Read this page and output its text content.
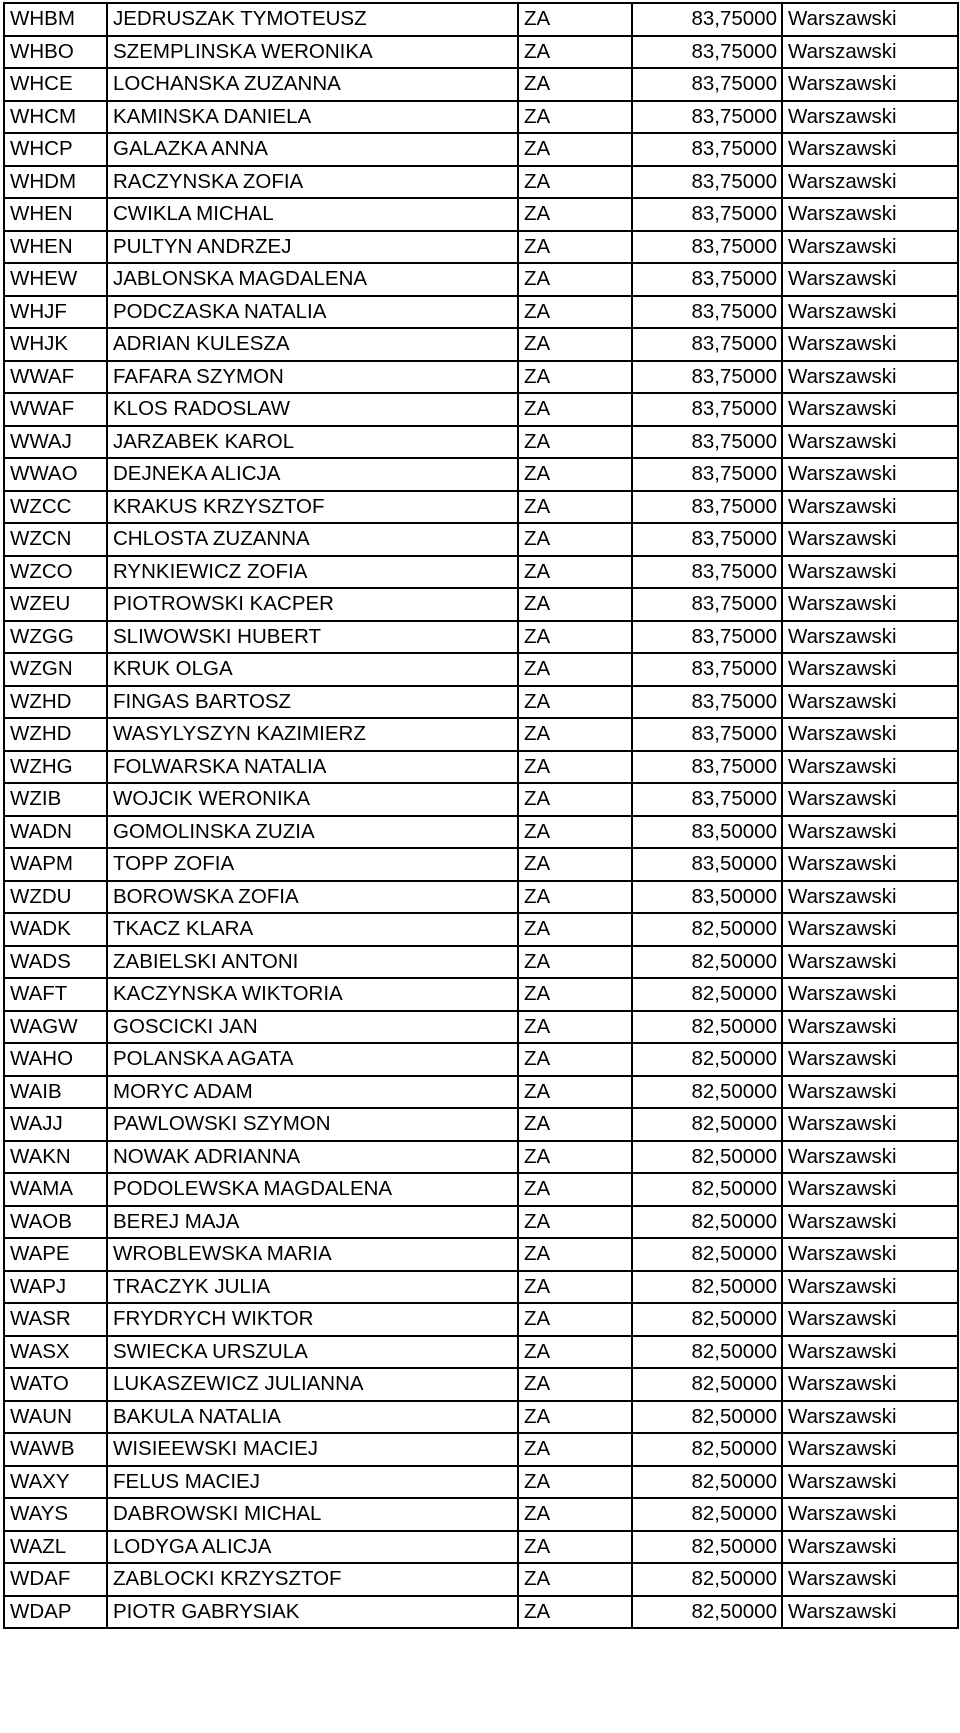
WHBM	JEDRUSZAK TYMOTEUSZ	ZA	83,75000	Warszawski
WHBO	SZEMPLINSKA WERONIKA	ZA	83,75000	Warszawski
WHCE	LOCHANSKA ZUZANNA	ZA	83,75000	Warszawski
WHCM	KAMINSKA DANIELA	ZA	83,75000	Warszawski
WHCP	GALAZKA ANNA	ZA	83,75000	Warszawski
WHDM	RACZYNSKA ZOFIA	ZA	83,75000	Warszawski
WHEN	CWIKLA MICHAL	ZA	83,75000	Warszawski
WHEN	PULTYN ANDRZEJ	ZA	83,75000	Warszawski
WHEW	JABLONSKA MAGDALENA	ZA	83,75000	Warszawski
WHJF	PODCZASKA NATALIA	ZA	83,75000	Warszawski
WHJK	ADRIAN KULESZA	ZA	83,75000	Warszawski
WWAF	FAFARA SZYMON	ZA	83,75000	Warszawski
WWAF	KLOS RADOSLAW	ZA	83,75000	Warszawski
WWAJ	JARZABEK KAROL	ZA	83,75000	Warszawski
WWAO	DEJNEKA ALICJA	ZA	83,75000	Warszawski
WZCC	KRAKUS KRZYSZTOF	ZA	83,75000	Warszawski
WZCN	CHLOSTA ZUZANNA	ZA	83,75000	Warszawski
WZCO	RYNKIEWICZ ZOFIA	ZA	83,75000	Warszawski
WZEU	PIOTROWSKI KACPER	ZA	83,75000	Warszawski
WZGG	SLIWOWSKI HUBERT	ZA	83,75000	Warszawski
WZGN	KRUK OLGA	ZA	83,75000	Warszawski
WZHD	FINGAS BARTOSZ	ZA	83,75000	Warszawski
WZHD	WASYLYSZYN KAZIMIERZ	ZA	83,75000	Warszawski
WZHG	FOLWARSKA NATALIA	ZA	83,75000	Warszawski
WZIB	WOJCIK WERONIKA	ZA	83,75000	Warszawski
WADN	GOMOLINSKA ZUZIA	ZA	83,50000	Warszawski
WAPM	TOPP ZOFIA	ZA	83,50000	Warszawski
WZDU	BOROWSKA ZOFIA	ZA	83,50000	Warszawski
WADK	TKACZ KLARA	ZA	82,50000	Warszawski
WADS	ZABIELSKI ANTONI	ZA	82,50000	Warszawski
WAFT	KACZYNSKA WIKTORIA	ZA	82,50000	Warszawski
WAGW	GOSCICKI JAN	ZA	82,50000	Warszawski
WAHO	POLANSKA AGATA	ZA	82,50000	Warszawski
WAIB	MORYC ADAM	ZA	82,50000	Warszawski
WAJJ	PAWLOWSKI SZYMON	ZA	82,50000	Warszawski
WAKN	NOWAK ADRIANNA	ZA	82,50000	Warszawski
WAMA	PODOLEWSKA MAGDALENA	ZA	82,50000	Warszawski
WAOB	BEREJ MAJA	ZA	82,50000	Warszawski
WAPE	WROBLEWSKA MARIA	ZA	82,50000	Warszawski
WAPJ	TRACZYK JULIA	ZA	82,50000	Warszawski
WASR	FRYDRYCH WIKTOR	ZA	82,50000	Warszawski
WASX	SWIECKA URSZULA	ZA	82,50000	Warszawski
WATO	LUKASZEWICZ JULIANNA	ZA	82,50000	Warszawski
WAUN	BAKULA NATALIA	ZA	82,50000	Warszawski
WAWB	WISIEEWSKI MACIEJ	ZA	82,50000	Warszawski
WAXY	FELUS MACIEJ	ZA	82,50000	Warszawski
WAYS	DABROWSKI MICHAL	ZA	82,50000	Warszawski
WAZL	LODYGA ALICJA	ZA	82,50000	Warszawski
WDAF	ZABLOCKI KRZYSZTOF	ZA	82,50000	Warszawski
WDAP	PIOTR GABRYSIAK	ZA	82,50000	Warszawski
